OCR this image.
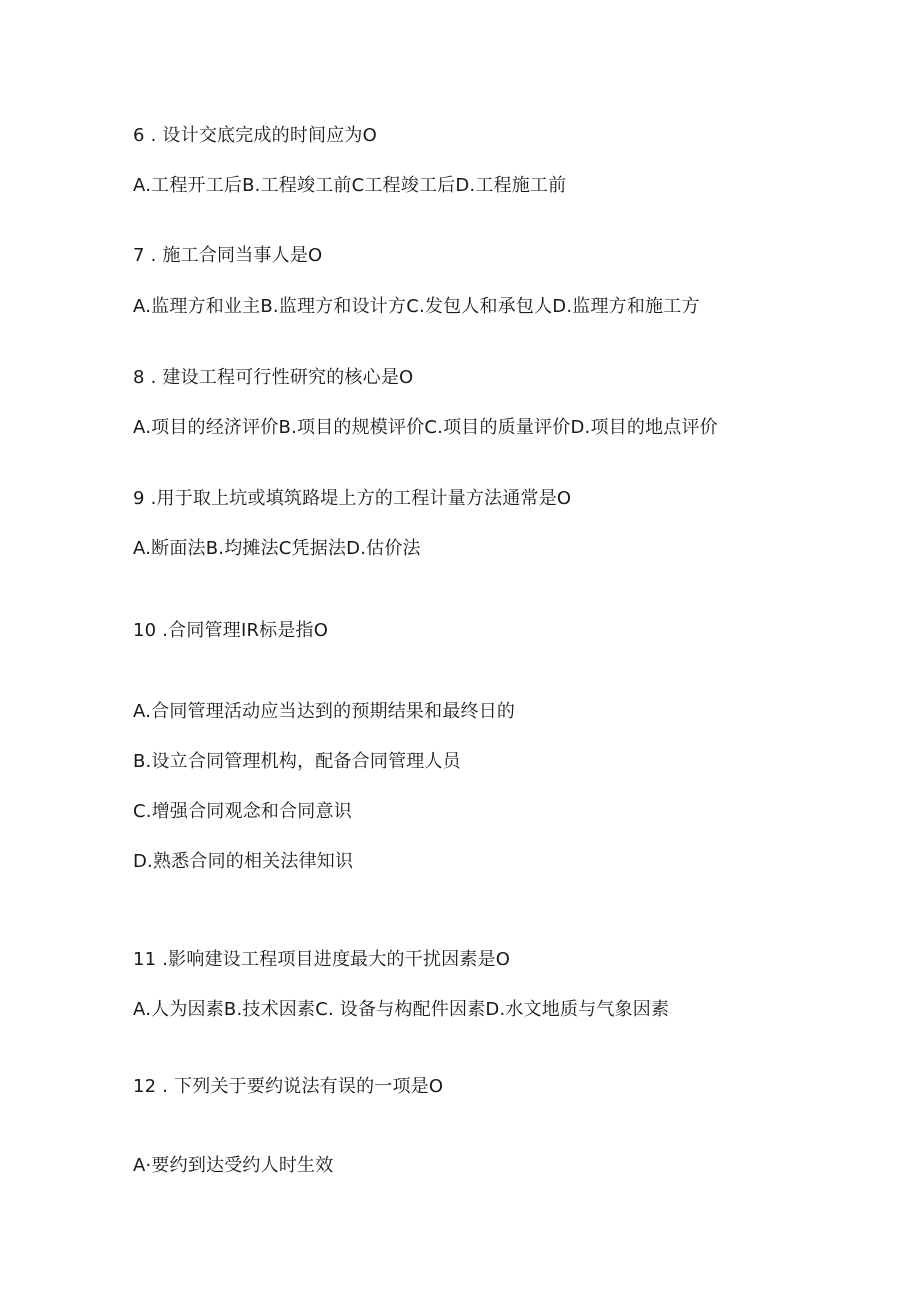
6 . 设计交底完成的时间应为O
A.工程开工后B.工程竣工前C工程竣工后D.工程施工前
7 . 施工合同当事人是O
A.监理方和业主B.监理方和设计方C.发包人和承包人D.监理方和施工方
8 . 建设工程可行性研究的核心是O
A.项目的经济评价B.项目的规模评价C.项目的质量评价D.项目的地点评价
9 .用于取上坑或填筑路堤上方的工程计量方法通常是O
A.断面法B.均摊法C凭据法D.估价法
10 .合同管理IR标是指O
A.合同管理活动应当达到的预期结果和最终日的
B.设立合同管理机构，配备合同管理人员
C.增强合同观念和合同意识
D.熟悉合同的相关法律知识
11 .影响建设工程项目进度最大的干扰因素是O
A.人为因素B.技术因素C. 设备与构配件因素D.水文地质与气象因素
12 . 下列关于要约说法有误的一项是O
A·要约到达受约人时生效
